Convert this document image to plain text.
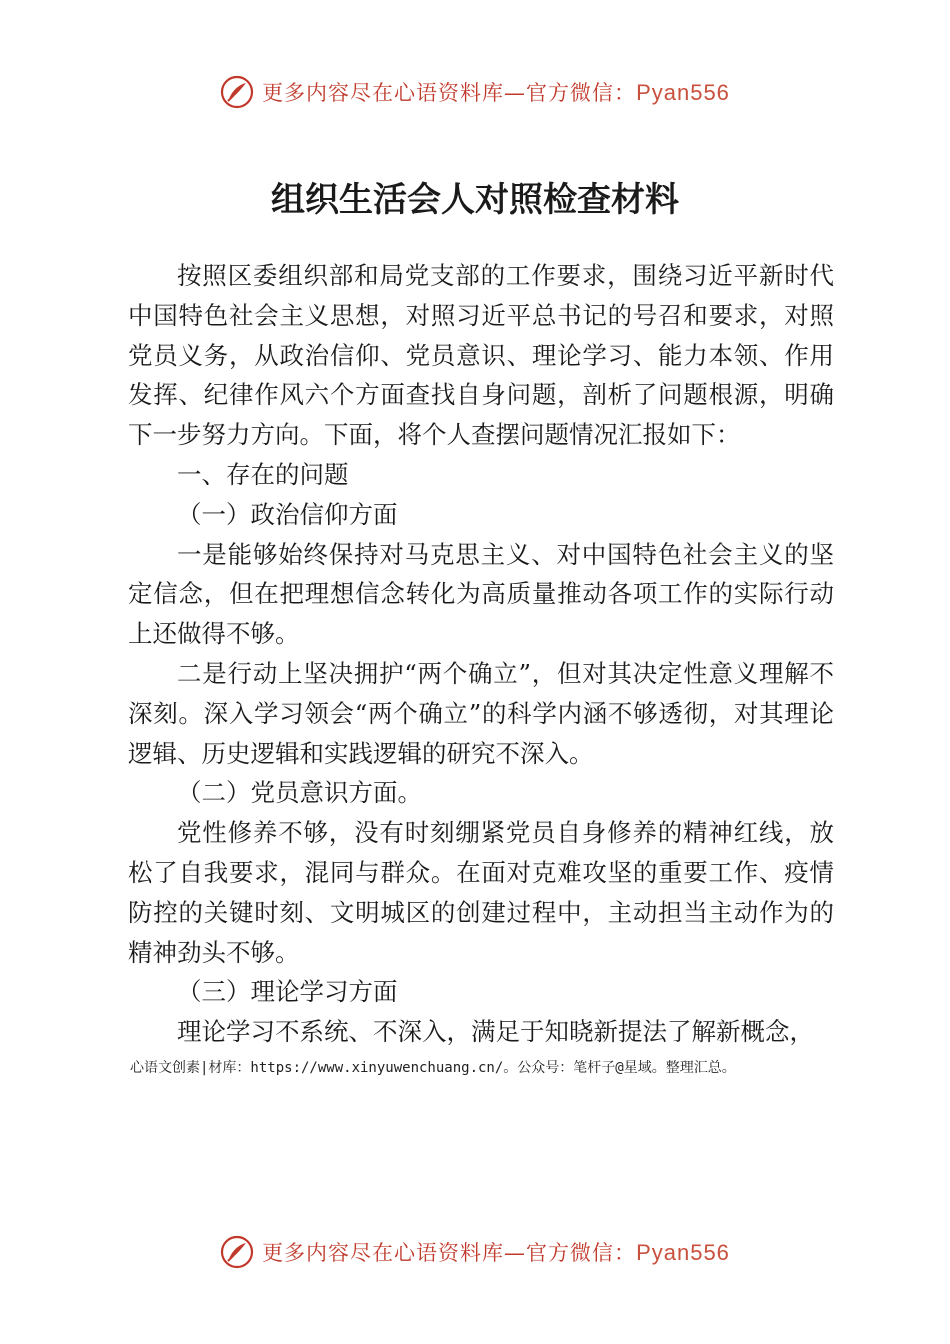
更多内容尽在心语资料库—官方微信：Pyan556
组织生活会人对照检查材料

按照区委组织部和局党支部的工作要求，围绕习近平新时代中国特色社会主义思想，对照习近平总书记的号召和要求，对照党员义务，从政治信仰、党员意识、理论学习、能力本领、作用发挥、纪律作风六个方面查找自身问题，剖析了问题根源，明确下一步努力方向。下面，将个人查摆问题情况汇报如下：

一、存在的问题

（一）政治信仰方面

一是能够始终保持对马克思主义、对中国特色社会主义的坚定信念，但在把理想信念转化为高质量推动各项工作的实际行动上还做得不够。

二是行动上坚决拥护“两个确立”，但对其决定性意义理解不深刻。深入学习领会“两个确立”的科学内涵不够透彻，对其理论逻辑、历史逻辑和实践逻辑的研究不深入。

（二）党员意识方面。

党性修养不够，没有时刻绷紧党员自身修养的精神红线，放松了自我要求，混同与群众。在面对克难攻坚的重要工作、疫情防控的关键时刻、文明城区的创建过程中，主动担当主动作为的精神劲头不够。

（三）理论学习方面

理论学习不系统、不深入，满足于知晓新提法了解新概念，

心语文创素|材库：https://www.xinyuwenchuang.cn/。公众号：笔杆子@星域。整理汇总。
更多内容尽在心语资料库—官方微信：Pyan556
